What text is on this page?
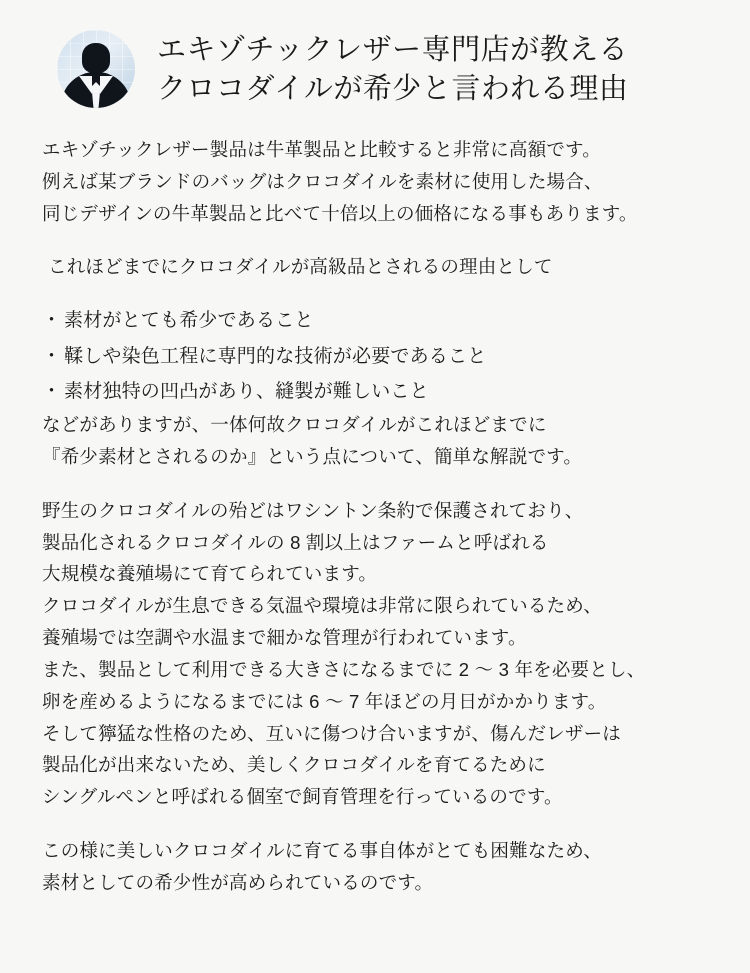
エキゾチックレザー専門店が教える
クロコダイルが希少と言われる理由
エキゾチックレザー製品は牛革製品と比較すると非常に高額です。
例えば某ブランドのバッグはクロコダイルを素材に使用した場合、
同じデザインの牛革製品と比べて十倍以上の価格になる事もあります。
これほどまでにクロコダイルが高級品とされるの理由として
・ 素材がとても希少であること
・ 鞣しや染色工程に専門的な技術が必要であること
・ 素材独特の凹凸があり、縫製が難しいこと
などがありますが、一体何故クロコダイルがこれほどまでに
『希少素材とされるのか』という点について、簡単な解説です。
野生のクロコダイルの殆どはワシントン条約で保護されており、
製品化されるクロコダイルの 8 割以上はファームと呼ばれる
大規模な養殖場にて育てられています。
クロコダイルが生息できる気温や環境は非常に限られているため、
養殖場では空調や水温まで細かな管理が行われています。
また、製品として利用できる大きさになるまでに 2 ～ 3 年を必要とし、
卵を産めるようになるまでには 6 ～ 7 年ほどの月日がかかります。
そして獰猛な性格のため、互いに傷つけ合いますが、傷んだレザーは
製品化が出来ないため、美しくクロコダイルを育てるために
シングルペンと呼ばれる個室で飼育管理を行っているのです。
この様に美しいクロコダイルに育てる事自体がとても困難なため、
素材としての希少性が高められているのです。
